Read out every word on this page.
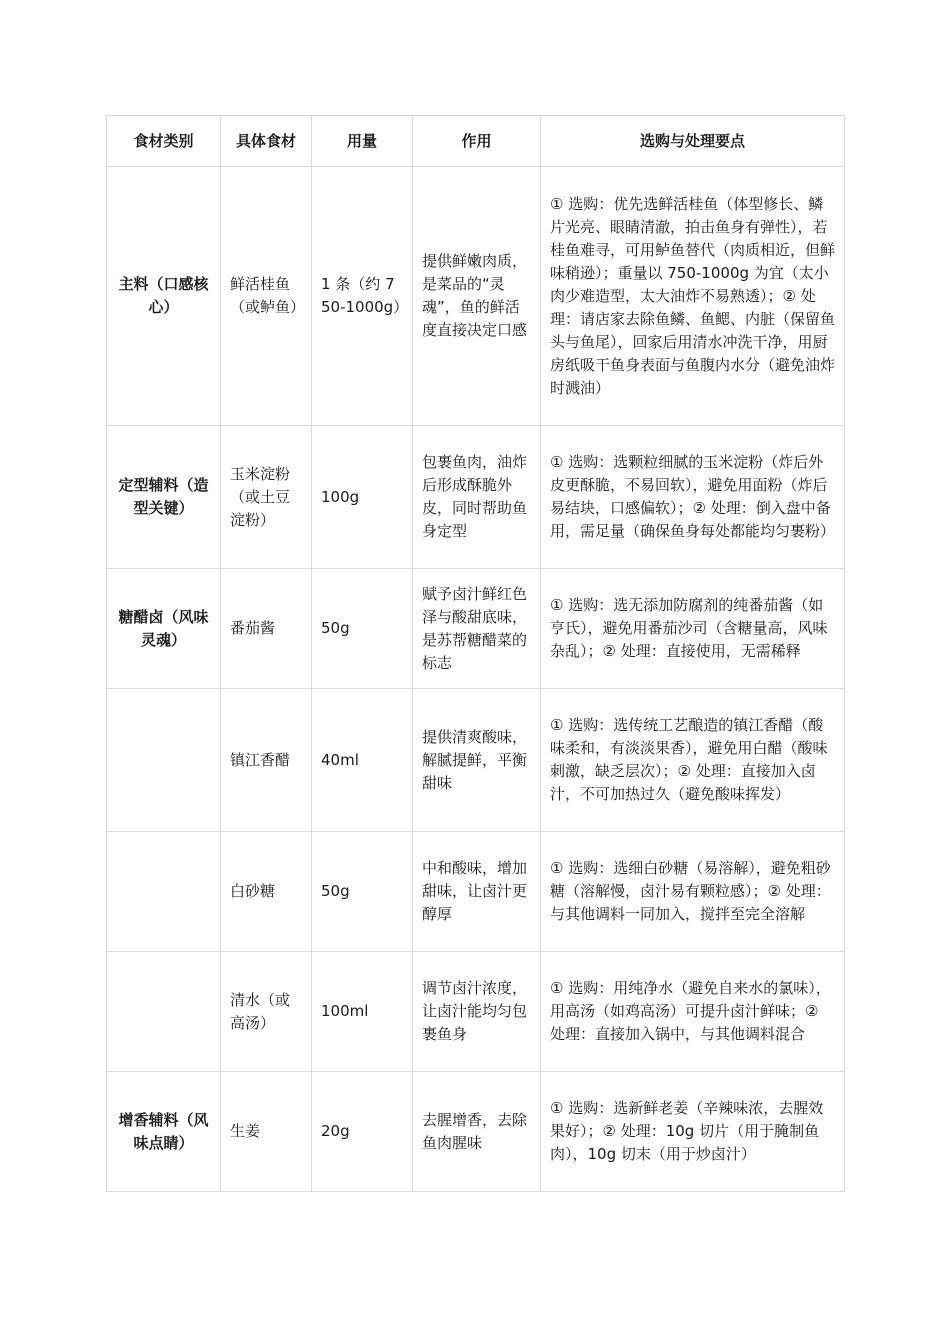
食材类别	具体食材	用量	作用	选购与处理要点
主料（口感核心）	鲜活桂鱼（或鲈鱼）	1 条（约 750-1000g）	提供鲜嫩肉质，是菜品的“灵魂”，鱼的鲜活度直接决定口感	① 选购：优先选鲜活桂鱼（体型修长、鳞片光亮、眼睛清澈，拍击鱼身有弹性），若桂鱼难寻，可用鲈鱼替代（肉质相近，但鲜味稍逊）；重量以 750-1000g 为宜（太小肉少难造型，太大油炸不易熟透）；② 处理：请店家去除鱼鳞、鱼鳃、内脏（保留鱼头与鱼尾），回家后用清水冲洗干净，用厨房纸吸干鱼身表面与鱼腹内水分（避免油炸时溅油）
定型辅料（造型关键）	玉米淀粉（或土豆淀粉）	100g	包裹鱼肉，油炸后形成酥脆外皮，同时帮助鱼身定型	① 选购：选颗粒细腻的玉米淀粉（炸后外皮更酥脆，不易回软），避免用面粉（炸后易结块，口感偏软）；② 处理：倒入盘中备用，需足量（确保鱼身每处都能均匀裹粉）
糖醋卤（风味灵魂）	番茄酱	50g	赋予卤汁鲜红色泽与酸甜底味，是苏帮糖醋菜的标志	① 选购：选无添加防腐剂的纯番茄酱（如亨氏），避免用番茄沙司（含糖量高，风味杂乱）；② 处理：直接使用，无需稀释
	镇江香醋	40ml	提供清爽酸味，解腻提鲜，平衡甜味	① 选购：选传统工艺酿造的镇江香醋（酸味柔和，有淡淡果香），避免用白醋（酸味刺激，缺乏层次）；② 处理：直接加入卤汁，不可加热过久（避免酸味挥发）
	白砂糖	50g	中和酸味，增加甜味，让卤汁更醇厚	① 选购：选细白砂糖（易溶解），避免粗砂糖（溶解慢，卤汁易有颗粒感）；② 处理：与其他调料一同加入，搅拌至完全溶解
	清水（或高汤）	100ml	调节卤汁浓度，让卤汁能均匀包裹鱼身	① 选购：用纯净水（避免自来水的氯味），用高汤（如鸡高汤）可提升卤汁鲜味；② 处理：直接加入锅中，与其他调料混合
增香辅料（风味点睛）	生姜	20g	去腥增香，去除鱼肉腥味	① 选购：选新鲜老姜（辛辣味浓，去腥效果好）；② 处理：10g 切片（用于腌制鱼肉），10g 切末（用于炒卤汁）
